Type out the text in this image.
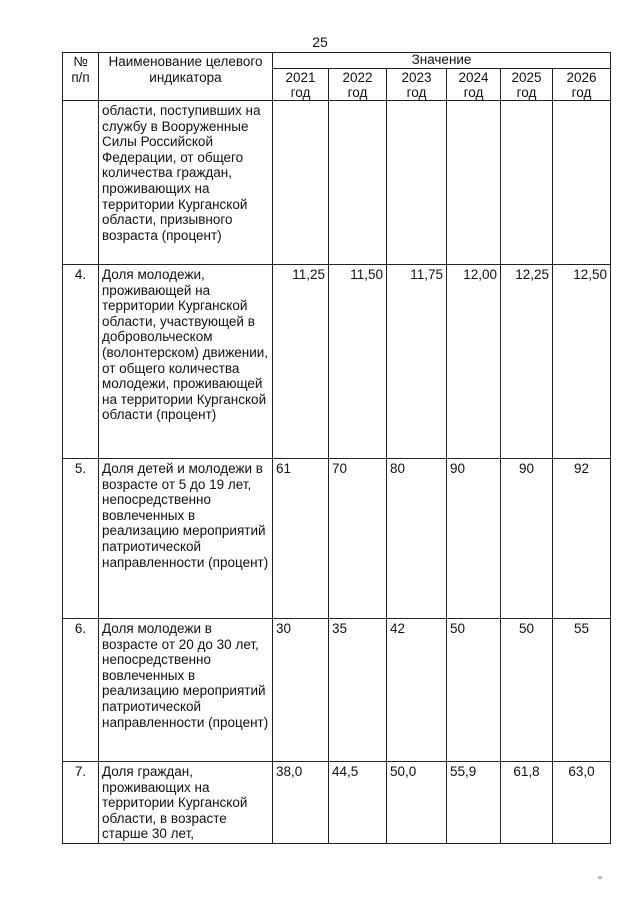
25
№ п/п	Наименование целевого индикатора	Значение					
		2021 год	2022 год	2023 год	2024 год	2025 год	2026 год
	области, поступивших на службу в Вооруженные Силы Российской Федерации, от общего количества граждан, проживающих на территории Курганской области, призывного возраста (процент)						
4.	Доля молодежи, проживающей на территории Курганской области, участвующей в добровольческом (волонтерском) движении, от общего количества молодежи, проживающей на территории Курганской области (процент)	11,25	11,50	11,75	12,00	12,25	12,50
5.	Доля детей и молодежи в возрасте от 5 до 19 лет, непосредственно вовлеченных в реализацию мероприятий патриотической направленности (процент)	61	70	80	90	90	92
6.	Доля молодежи в возрасте от 20 до 30 лет, непосредственно вовлеченных в реализацию мероприятий патриотической направленности (процент)	30	35	42	50	50	55
7.	Доля граждан, проживающих на территории Курганской области, в возрасте старше 30 лет,	38,0	44,5	50,0	55,9	61,8	63,0
